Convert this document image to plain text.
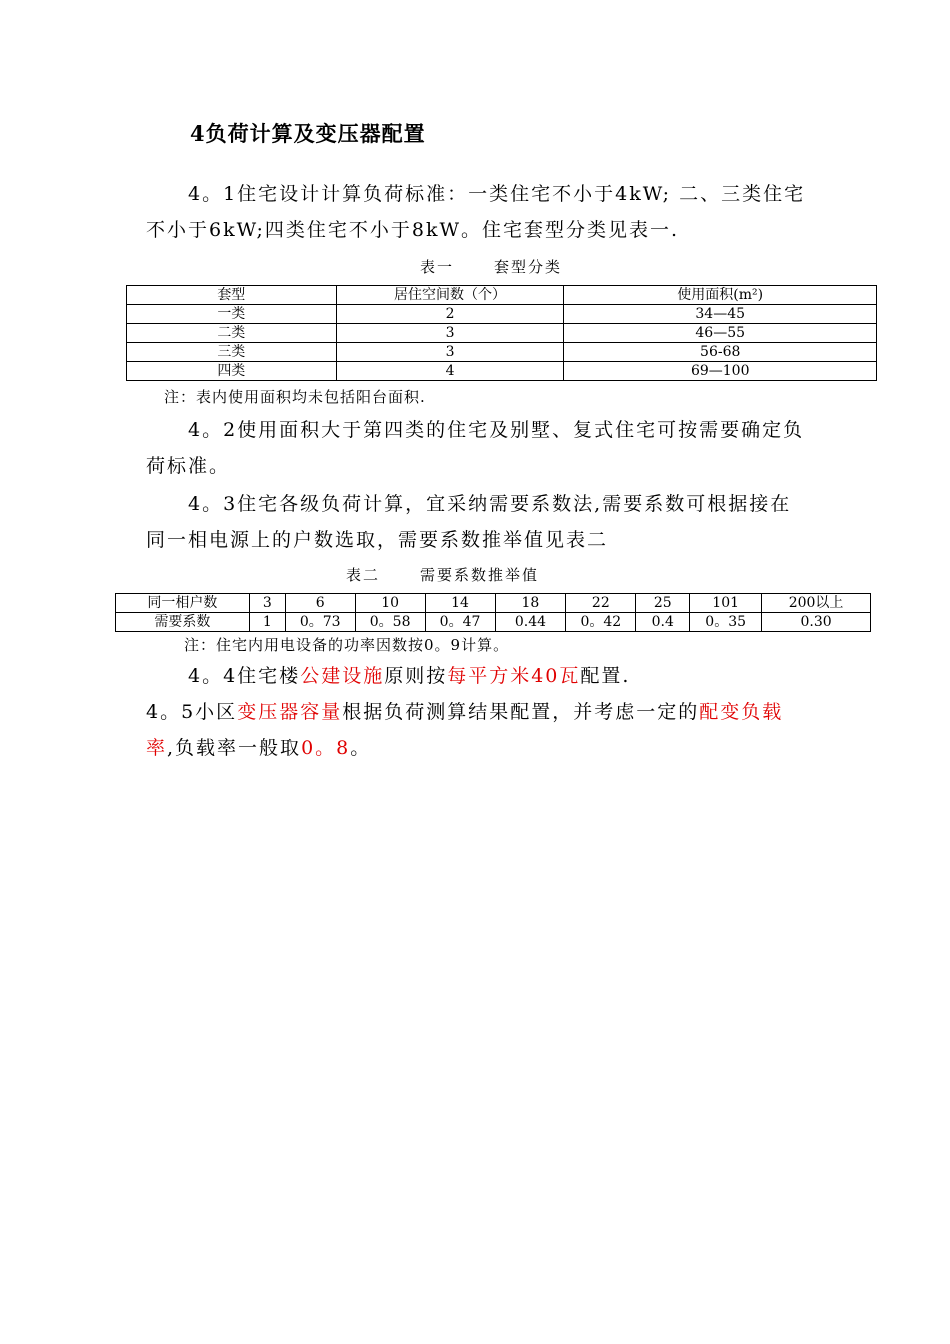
4负荷计算及变压器配置
4。1住宅设计计算负荷标准：一类住宅不小于4kW; 二、三类住宅不小于6kW;四类住宅不小于8kW。住宅套型分类见表一.
表一	套型分类
套型	居住空间数（个）	使用面积(m²)
一类	2	34—45
二类	3	46—55
三类	3	56-68
四类	4	69—100
注：表内使用面积均未包括阳台面积.
4。2使用面积大于第四类的住宅及别墅、复式住宅可按需要确定负荷标准。
4。3住宅各级负荷计算，宜采纳需要系数法,需要系数可根据接在同一相电源上的户数选取，需要系数推举值见表二
表二	需要系数推举值
同一相户数	3	6	10	14	18	22	25	101	200以上
需要系数	1	0。73	0。58	0。47	0.44	0。42	0.4	0。35	0.30
注：住宅内用电设备的功率因数按0。9计算。
4。4住宅楼公建设施原则按每平方米40瓦配置.
4。5小区变压器容量根据负荷测算结果配置，并考虑一定的配变负载率,负载率一般取0。8。
